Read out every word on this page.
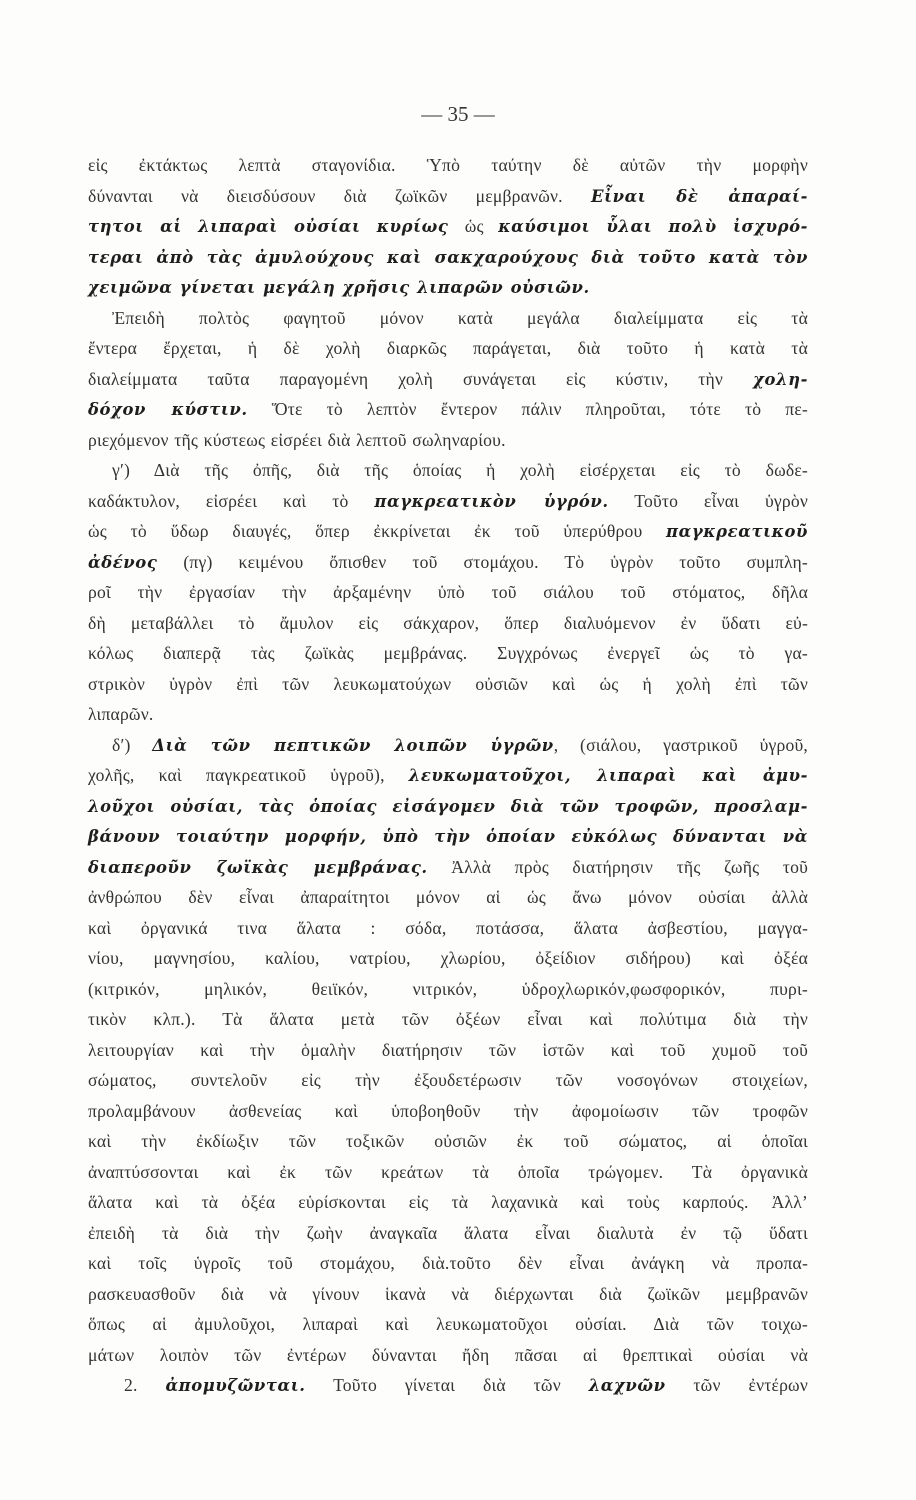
— 35 —
εἰς ἐκτάκτως λεπτὰ σταγονίδια. Ὑπὸ ταύτην δὲ αὐτῶν τὴν μορφὴν
δύνανται νὰ διεισδύσουν διὰ ζωϊκῶν μεμβρανῶν. Εἶναι δὲ ἀπαραί-
τητοι αἱ λιπαραὶ οὐσίαι κυρίως ὡς καύσιμοι ὗλαι πολὺ ἰσχυρό-
τεραι ἀπὸ τὰς ἀμυλούχους καὶ σακχαρούχους διὰ τοῦτο κατὰ τὸν
χειμῶνα γίνεται μεγάλη χρῆσις λιπαρῶν οὐσιῶν.
Ἐπειδὴ πολτὸς φαγητοῦ μόνον κατὰ μεγάλα διαλείμματα εἰς τὰ
ἔντερα ἔρχεται, ἡ δὲ χολὴ διαρκῶς παράγεται, διὰ τοῦτο ἡ κατὰ τὰ
διαλείμματα ταῦτα παραγομένη χολὴ συνάγεται εἰς κύστιν, τὴν χολη-
δόχον κύστιν. Ὅτε τὸ λεπτὸν ἔντερον πάλιν πληροῦται, τότε τὸ πε-
ριεχόμενον τῆς κύστεως εἰσρέει διὰ λεπτοῦ σωληναρίου.
γ′) Διὰ τῆς ὀπῆς, διὰ τῆς ὁποίας ἡ χολὴ εἰσέρχεται εἰς τὸ δωδε-
καδάκτυλον, εἰσρέει καὶ τὸ παγκρεατικὸν ὑγρόν. Τοῦτο εἶναι ὑγρὸν
ὡς τὸ ὕδωρ διαυγές, ὅπερ ἐκκρίνεται ἐκ τοῦ ὑπερύθρου παγκρεατικοῦ
ἀδένος (πγ) κειμένου ὄπισθεν τοῦ στομάχου. Τὸ ὑγρὸν τοῦτο συμπλη-
ροῖ τὴν ἐργασίαν τὴν ἀρξαμένην ὑπὸ τοῦ σιάλου τοῦ στόματος, δῆλα
δὴ μεταβάλλει τὸ ἄμυλον εἰς σάκχαρον, ὅπερ διαλυόμενον ἐν ὕδατι εὐ-
κόλως διαπερᾷ τὰς ζωϊκὰς μεμβράνας. Συγχρόνως ἐνεργεῖ ὡς τὸ γα-
στρικὸν ὑγρὸν ἐπὶ τῶν λευκωματούχων οὐσιῶν καὶ ὡς ἡ χολὴ ἐπὶ τῶν
λιπαρῶν.
δ′) Διὰ τῶν πεπτικῶν λοιπῶν ὑγρῶν, (σιάλου, γαστρικοῦ ὑγροῦ,
χολῆς, καὶ παγκρεατικοῦ ὑγροῦ), λευκωματοῦχοι, λιπαραὶ καὶ ἀμυ-
λοῦχοι οὐσίαι, τὰς ὁποίας εἰσάγομεν διὰ τῶν τροφῶν, προσλαμ-
βάνουν τοιαύτην μορφήν, ὑπὸ τὴν ὁποίαν εὐκόλως δύνανται νὰ
διαπεροῦν ζωϊκὰς μεμβράνας. Ἀλλὰ πρὸς διατήρησιν τῆς ζωῆς τοῦ
ἀνθρώπου δὲν εἶναι ἀπαραίτητοι μόνον αἱ ὡς ἄνω μόνον οὐσίαι ἀλλὰ
καὶ ὀργανικά τινα ἅλατα : σόδα, ποτάσσα, ἅλατα ἀσβεστίου, μαγγα-
νίου, μαγνησίου, καλίου, νατρίου, χλωρίου, ὀξείδιον σιδήρου) καὶ ὀξέα
(κιτρικόν, μηλικόν, θειϊκόν, νιτρικόν, ὑδροχλωρικόν,φωσφορικόν, πυρι-
τικὸν κλπ.). Τὰ ἅλατα μετὰ τῶν ὀξέων εἶναι καὶ πολύτιμα διὰ τὴν
λειτουργίαν καὶ τὴν ὁμαλὴν διατήρησιν τῶν ἱστῶν καὶ τοῦ χυμοῦ τοῦ
σώματος, συντελοῦν εἰς τὴν ἐξουδετέρωσιν τῶν νοσογόνων στοιχείων,
προλαμβάνουν ἀσθενείας καὶ ὑποβοηθοῦν τὴν ἀφομοίωσιν τῶν τροφῶν
καὶ τὴν ἐκδίωξιν τῶν τοξικῶν οὐσιῶν ἐκ τοῦ σώματος, αἱ ὁποῖαι
ἀναπτύσσονται καὶ ἐκ τῶν κρεάτων τὰ ὁποῖα τρώγομεν. Τὰ ὀργανικὰ
ἅλατα καὶ τὰ ὀξέα εὑρίσκονται εἰς τὰ λαχανικὰ καὶ τοὺς καρπούς. Ἀλλ’
ἐπειδὴ τὰ διὰ τὴν ζωὴν ἀναγκαῖα ἅλατα εἶναι διαλυτὰ ἐν τῷ ὕδατι
καὶ τοῖς ὑγροῖς τοῦ στομάχου, διὰ.τοῦτο δὲν εἶναι ἀνάγκη νὰ προπα-
ρασκευασθοῦν διὰ νὰ γίνουν ἱκανὰ νὰ διέρχωνται διὰ ζωϊκῶν μεμβρανῶν
ὅπως αἱ ἀμυλοῦχοι, λιπαραὶ καὶ λευκωματοῦχοι οὐσίαι. Διὰ τῶν τοιχω-
μάτων λοιπὸν τῶν ἐντέρων δύνανται ἤδη πᾶσαι αἱ θρεπτικαὶ οὐσίαι νὰ
2. ἀπομυζῶνται. Τοῦτο γίνεται διὰ τῶν λαχνῶν τῶν ἐντέρων
